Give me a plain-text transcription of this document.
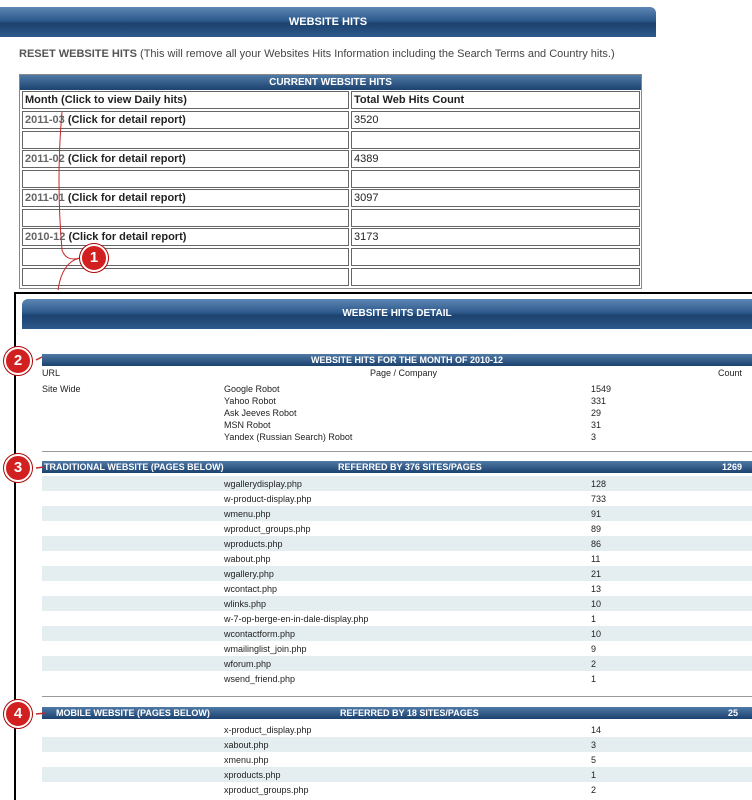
WEBSITE HITS
RESET WEBSITE HITS (This will remove all your Websites Hits Information including the Search Terms and Country hits.)
CURRENT WEBSITE HITS
Month (Click to view Daily hits)	Total Web Hits Count
2011-03 (Click for detail report)	3520
2011-02 (Click for detail report)	4389
2011-01 (Click for detail report)	3097
2010-12 (Click for detail report)	3173
WEBSITE HITS DETAIL
WEBSITE HITS FOR THE MONTH OF 2010-12
URL	Page / Company	Count
Site Wide	Google Robot	1549
Yahoo Robot	331
Ask Jeeves Robot	29
MSN Robot	31
Yandex (Russian Search) Robot	3
TRADITIONAL WEBSITE (PAGES BELOW)	REFERRED BY 376 SITES/PAGES	1269
wgallerydisplay.php	128
w-product-display.php	733
wmenu.php	91
wproduct_groups.php	89
wproducts.php	86
wabout.php	11
wgallery.php	21
wcontact.php	13
wlinks.php	10
w-7-op-berge-en-in-dale-display.php	1
wcontactform.php	10
wmailinglist_join.php	9
wforum.php	2
wsend_friend.php	1
MOBILE WEBSITE (PAGES BELOW)	REFERRED BY 18 SITES/PAGES	25
x-product_display.php	14
xabout.php	3
xmenu.php	5
xproducts.php	1
xproduct_groups.php	2
1
2
3
4
